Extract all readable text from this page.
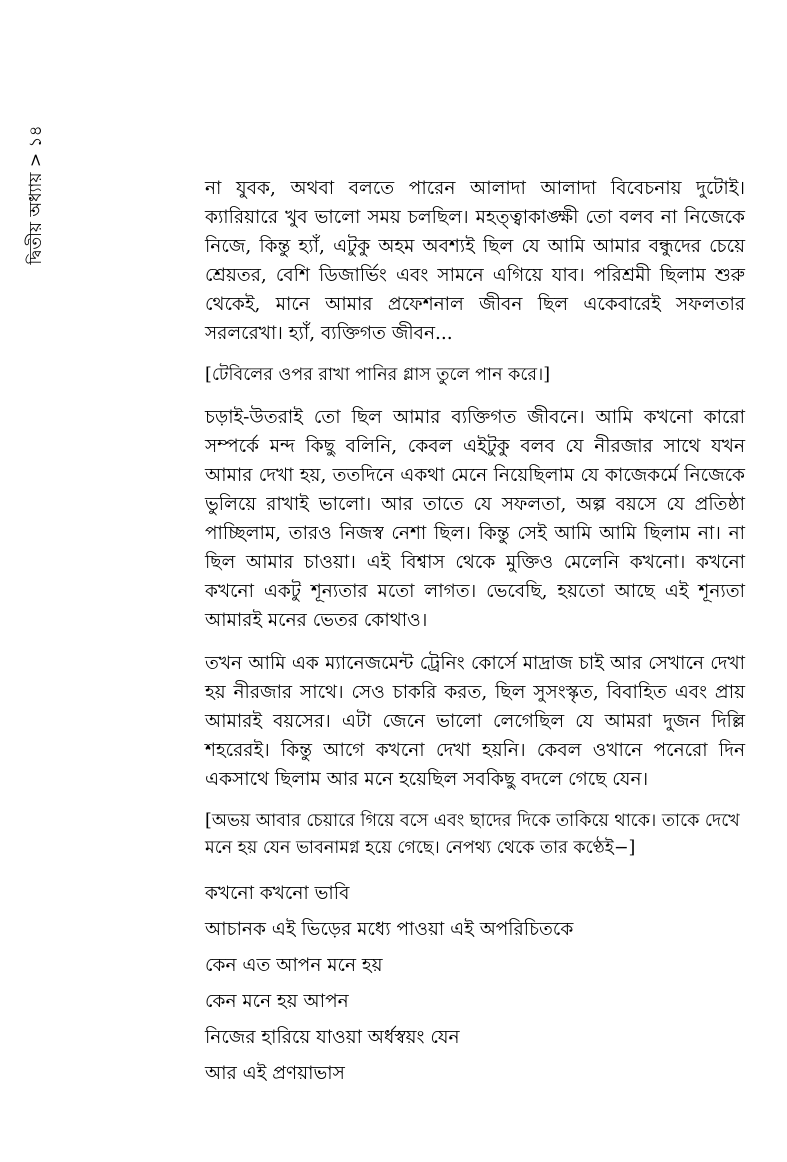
দ্বিতীয় অধ্যায় > ১৪	না যুবক, অথবা বলতে পারেন আলাদা আলাদা বিবেচনায় দুটোই। ক্যারিয়ারে খুব ভালো সময় চলছিল। মহত্ত্বাকাঙ্ক্ষী তো বলব না নিজেকে নিজে, কিন্তু হ্যাঁ, এটুকু অহম অবশ্যই ছিল যে আমি আমার বন্ধুদের চেয়ে শ্রেয়তর, বেশি ডিজার্ভিং এবং সামনে এগিয়ে যাব। পরিশ্রমী ছিলাম শুরু থেকেই, মানে আমার প্রফেশনাল জীবন ছিল একেবারেই সফলতার সরলরেখা। হ্যাঁ, ব্যক্তিগত জীবন...

[টেবিলের ওপর রাখা পানির গ্লাস তুলে পান করে।]

চড়াই-উতরাই তো ছিল আমার ব্যক্তিগত জীবনে। আমি কখনো কারো সম্পর্কে মন্দ কিছু বলিনি, কেবল এইটুকু বলব যে নীরজার সাথে যখন আমার দেখা হয়, ততদিনে একথা মেনে নিয়েছিলাম যে কাজেকর্মে নিজেকে ভুলিয়ে রাখাই ভালো। আর তাতে যে সফলতা, অল্প বয়সে যে প্রতিষ্ঠা পাচ্ছিলাম, তারও নিজস্ব নেশা ছিল। কিন্তু সেই আমি আমি ছিলাম না। না ছিল আমার চাওয়া। এই বিশ্বাস থেকে মুক্তিও মেলেনি কখনো। কখনো কখনো একটু শূন্যতার মতো লাগত। ভেবেছি, হয়তো আছে এই শূন্যতা আমারই মনের ভেতর কোথাও।

তখন আমি এক ম্যানেজমেন্ট ট্রেনিং কোর্সে মাদ্রাজ চাই আর সেখানে দেখা হয় নীরজার সাথে। সেও চাকরি করত, ছিল সুসংস্কৃত, বিবাহিত এবং প্রায় আমারই বয়সের। এটা জেনে ভালো লেগেছিল যে আমরা দুজন দিল্লি শহরেরই। কিন্তু আগে কখনো দেখা হয়নি। কেবল ওখানে পনেরো দিন একসাথে ছিলাম আর মনে হয়েছিল সবকিছু বদলে গেছে যেন।

[অভয় আবার চেয়ারে গিয়ে বসে এবং ছাদের দিকে তাকিয়ে থাকে। তাকে দেখে মনে হয় যেন ভাবনামগ্ন হয়ে গেছে। নেপথ্য থেকে তার কণ্ঠেই−]

কখনো কখনো ভাবি

আচানক এই ভিড়ের মধ্যে পাওয়া এই অপরিচিতকে

কেন এত আপন মনে হয়

কেন মনে হয় আপন

নিজের হারিয়ে যাওয়া অর্ধস্বয়ং যেন

আর এই প্রণয়াভাস
